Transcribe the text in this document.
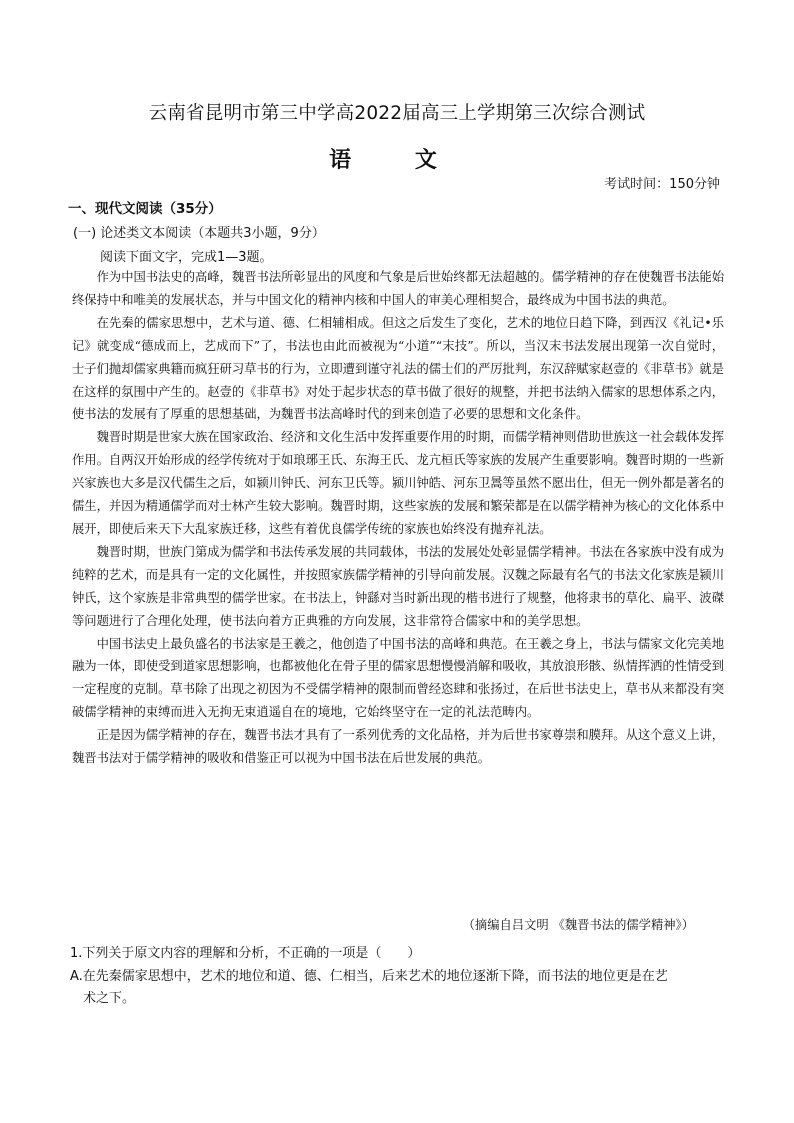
云南省昆明市第三中学高2022届高三上学期第三次综合测试
语 文
考试时间：150分钟
一、现代文阅读（35分）
(一) 论述类文本阅读（本题共3小题，9分）
阅读下面文字，完成1—3题。

作为中国书法史的高峰，魏晋书法所彰显出的风度和气象是后世始终都无法超越的。儒学精神的存在使魏晋书法能始终保持中和唯美的发展状态，并与中国文化的精神内核和中国人的审美心理相契合，最终成为中国书法的典范。

在先秦的儒家思想中，艺术与道、德、仁相辅相成。但这之后发生了变化，艺术的地位日趋下降，到西汉《礼记•乐记》就变成“德成而上，艺成而下”了，书法也由此而被视为“小道”“末技”。所以，当汉末书法发展出现第一次自觉时，士子们抛却儒家典籍而疯狂研习草书的行为，立即遭到谨守礼法的儒士们的严厉批判，东汉辞赋家赵壹的《非草书》就是在这样的氛围中产生的。赵壹的《非草书》对处于起步状态的草书做了很好的规整，并把书法纳入儒家的思想体系之内，使书法的发展有了厚重的思想基础，为魏晋书法高峰时代的到来创造了必要的思想和文化条件。

魏晋时期是世家大族在国家政治、经济和文化生活中发挥重要作用的时期，而儒学精神则借助世族这一社会载体发挥作用。自两汉开始形成的经学传统对于如琅琊王氏、东海王氏、龙亢桓氏等家族的发展产生重要影响。魏晋时期的一些新兴家族也大多是汉代儒生之后，如颍川钟氏、河东卫氏等。颍川钟皓、河东卫暠等虽然不愿出仕，但无一例外都是著名的儒生，并因为精通儒学而对士林产生较大影响。魏晋时期，这些家族的发展和繁荣都是在以儒学精神为核心的文化体系中展开，即使后来天下大乱家族迁移，这些有着优良儒学传统的家族也始终没有抛弃礼法。

魏晋时期，世族门第成为儒学和书法传承发展的共同载体，书法的发展处处彰显儒学精神。书法在各家族中没有成为纯粹的艺术，而是具有一定的文化属性，并按照家族儒学精神的引导向前发展。汉魏之际最有名气的书法文化家族是颍川钟氏，这个家族是非常典型的儒学世家。在书法上，钟繇对当时新出现的楷书进行了规整，他将隶书的草化、扁平、波磔等问题进行了合理化处理，使书法向着方正典雅的方向发展，这非常符合儒家中和的美学思想。

中国书法史上最负盛名的书法家是王羲之，他创造了中国书法的高峰和典范。在王羲之身上，书法与儒家文化完美地融为一体，即使受到道家思想影响，也都被他化在骨子里的儒家思想慢慢消解和吸收，其放浪形骸、纵情挥洒的性情受到一定程度的克制。草书除了出现之初因为不受儒学精神的限制而曾经恣肆和张扬过，在后世书法史上，草书从来都没有突破儒学精神的束缚而进入无拘无束逍遥自在的境地，它始终坚守在一定的礼法范畴内。

正是因为儒学精神的存在，魏晋书法才具有了一系列优秀的文化品格，并为后世书家尊崇和膜拜。从这个意义上讲，魏晋书法对于儒学精神的吸收和借鉴正可以视为中国书法在后世发展的典范。

（摘编自吕文明 《魏晋书法的儒学精神》）
1.下列关于原文内容的理解和分析，不正确的一项是（　　）
A.在先秦儒家思想中，艺术的地位和道、德、仁相当，后来艺术的地位逐渐下降，而书法的地位更是在艺
术之下。
